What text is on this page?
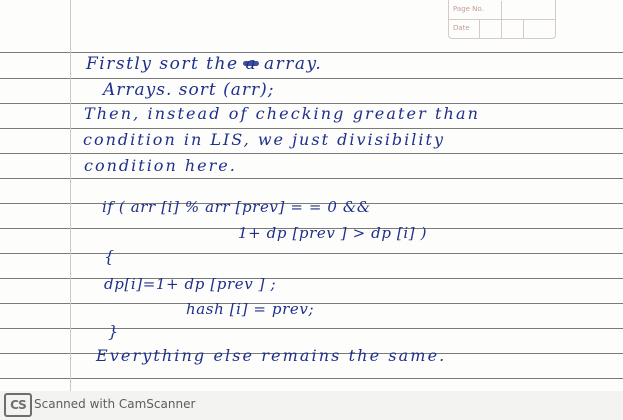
Page No.
Date
Firstly sort the array.
Arrays. sort (arr);
Then, instead of checking greater than
condition in LIS, we just divisibility
condition here.
if ( arr [i] % arr [prev] = = 0 &&
1+ dp [prev ] > dp [i] )
{
dp[i]=1+ dp [prev ] ;
hash [i] = prev;
}
Everything else remains the same.
CS Scanned with CamScanner
